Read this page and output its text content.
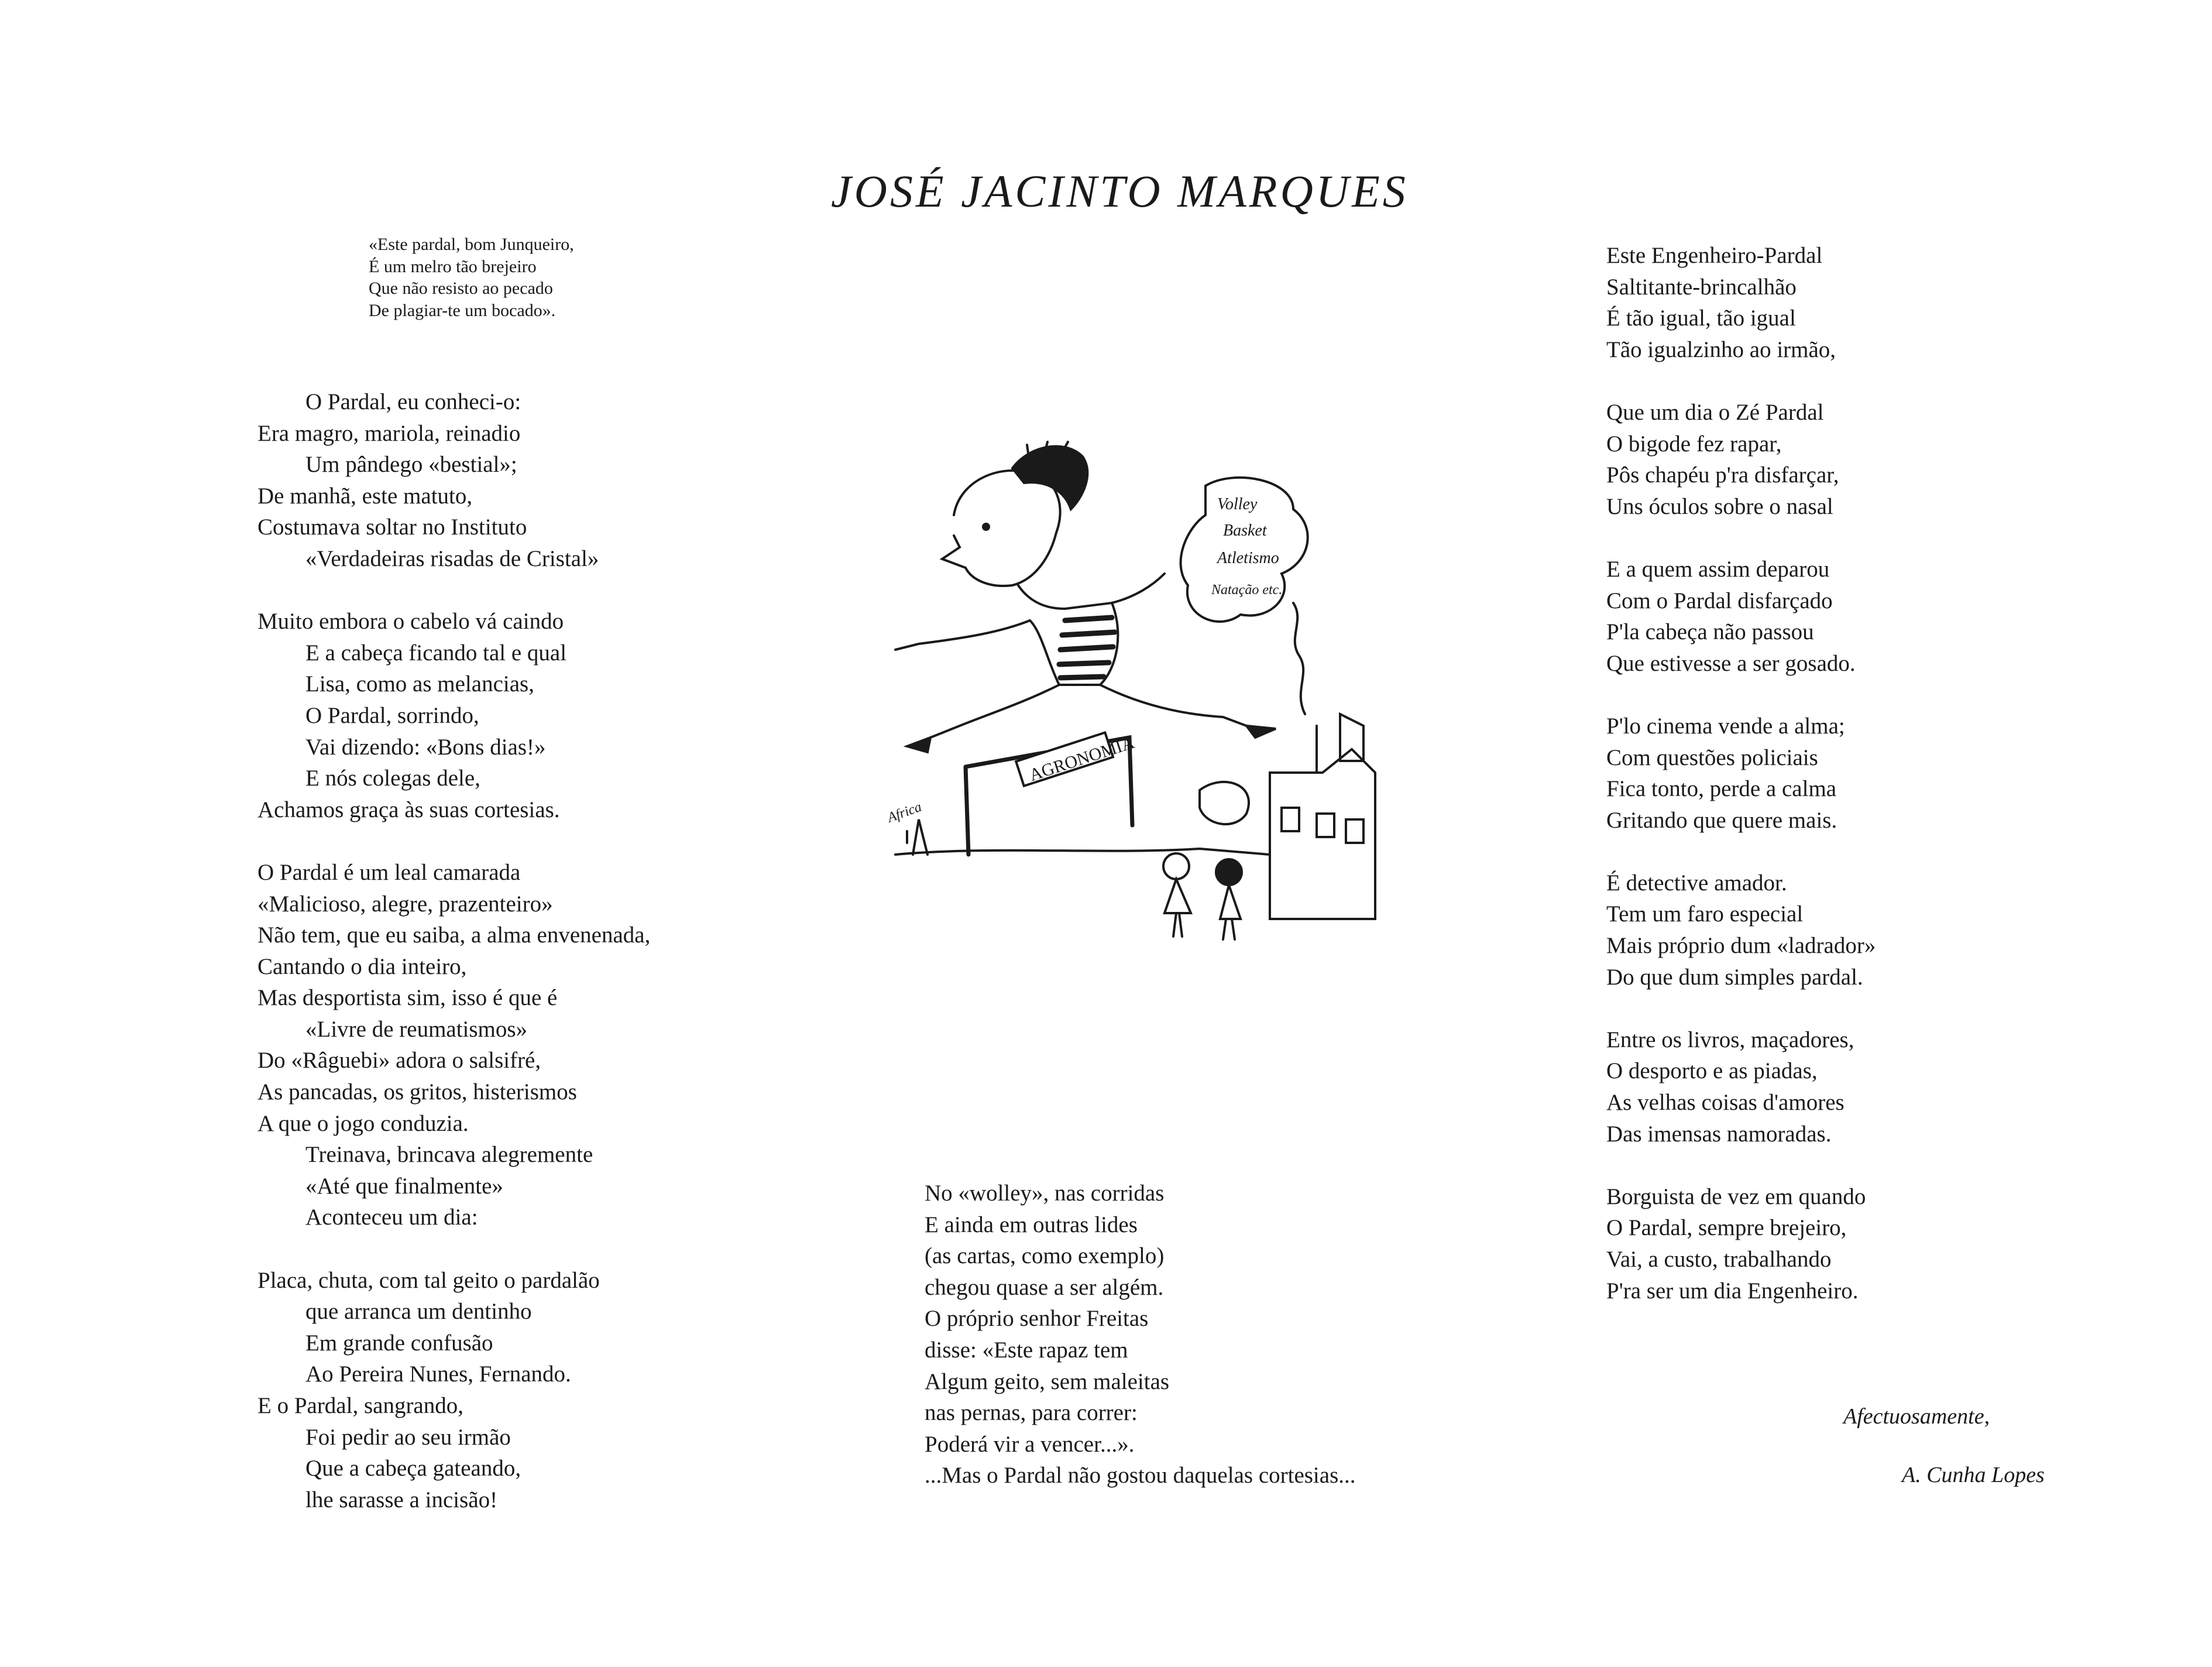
JOSÉ JACINTO MARQUES
«Este pardal, bom Junqueiro,
É um melro tão brejeiro
Que não resisto ao pecado
De plagiar-te um bocado».
O Pardal, eu conheci-o:
Era magro, mariola, reinadio
Um pândego «bestial»;
De manhã, este matuto,
Costumava soltar no Instituto
«Verdadeiras risadas de Cristal»
Muito embora o cabelo vá caindo
E a cabeça ficando tal e qual
Lisa, como as melancias,
O Pardal, sorrindo,
Vai dizendo: «Bons dias!»
E nós colegas dele,
Achamos graça às suas cortesias.
O Pardal é um leal camarada
«Malicioso, alegre, prazenteiro»
Não tem, que eu saiba, a alma envenenada,
Cantando o dia inteiro,
Mas desportista sim, isso é que é
«Livre de reumatismos»
Do «Râguebi» adora o salsifré,
As pancadas, os gritos, histerismos
A que o jogo conduzia.
Treinava, brincava alegremente
«Até que finalmente»
Aconteceu um dia:
Placa, chuta, com tal geito o pardalão
que arranca um dentinho
Em grande confusão
Ao Pereira Nunes, Fernando.
E o Pardal, sangrando,
Foi pedir ao seu irmão
Que a cabeça gateando,
lhe sarasse a incisão!
Volley
Basket
Atletismo
Natação etc.
AGRONOMIA
Africa
No «wolley», nas corridas
E ainda em outras lides
(as cartas, como exemplo)
chegou quase a ser algém.
O próprio senhor Freitas
disse: «Este rapaz tem
Algum geito, sem maleitas
nas pernas, para correr:
Poderá vir a vencer...».
...Mas o Pardal não gostou daquelas cortesias...
Este Engenheiro-Pardal
Saltitante-brincalhão
É tão igual, tão igual
Tão igualzinho ao irmão,
Que um dia o Zé Pardal
O bigode fez rapar,
Pôs chapéu p'ra disfarçar,
Uns óculos sobre o nasal
E a quem assim deparou
Com o Pardal disfarçado
P'la cabeça não passou
Que estivesse a ser gosado.
P'lo cinema vende a alma;
Com questões policiais
Fica tonto, perde a calma
Gritando que quere mais.
É detective amador.
Tem um faro especial
Mais próprio dum «ladrador»
Do que dum simples pardal.
Entre os livros, maçadores,
O desporto e as piadas,
As velhas coisas d'amores
Das imensas namoradas.
Borguista de vez em quando
O Pardal, sempre brejeiro,
Vai, a custo, trabalhando
P'ra ser um dia Engenheiro.
Afectuosamente,
A. Cunha Lopes
